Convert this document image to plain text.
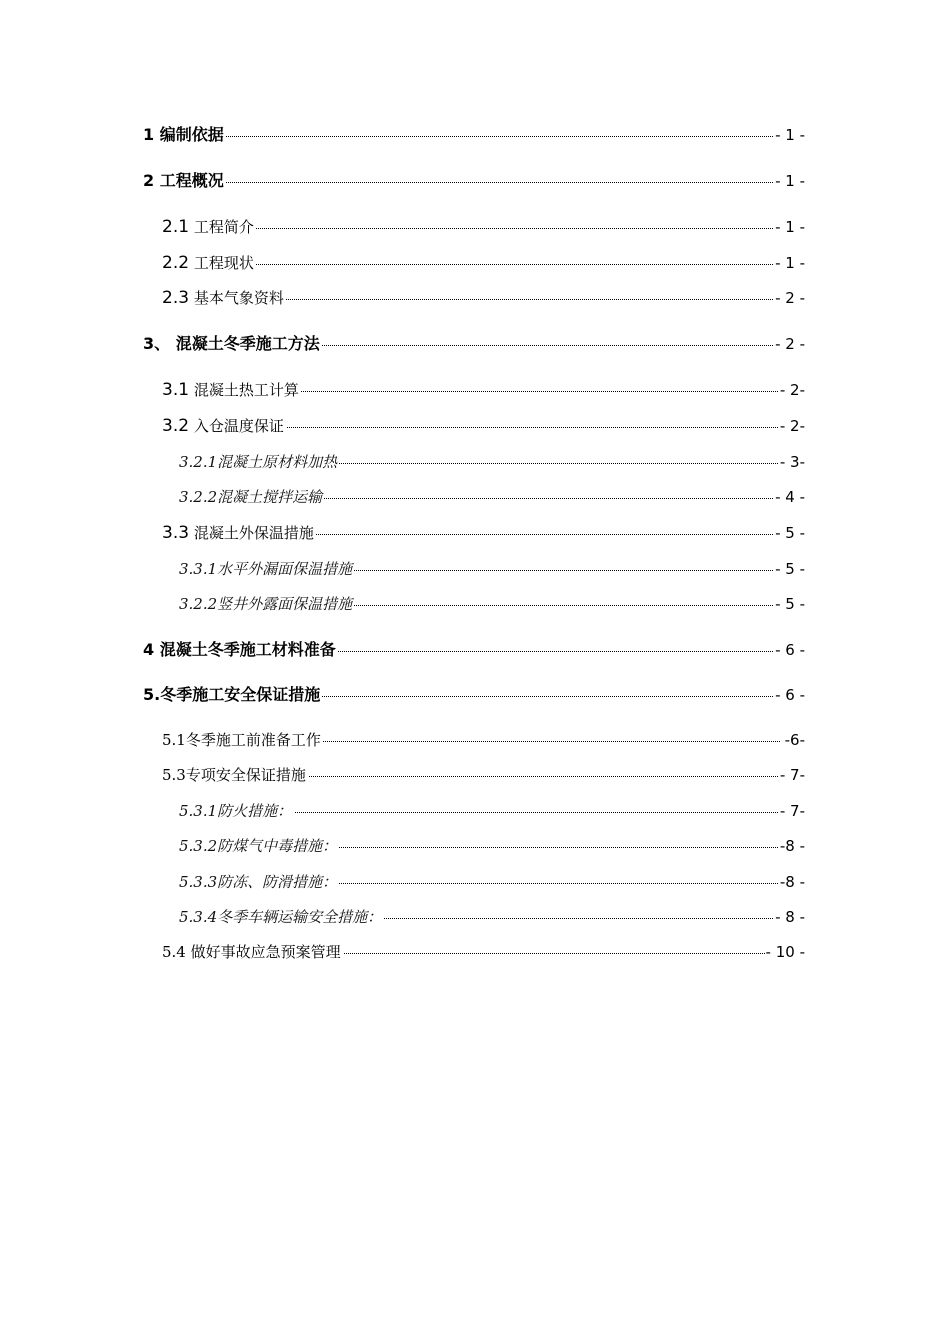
1 编制依据	- 1 -
2 工程概况	- 1 -
2.1 工程简介	- 1 -
2.2 工程现状	- 1 -
2.3 基本气象资料	- 2 -
3、 混凝土冬季施工方法	- 2 -
3.1 混凝土热工计算	- 2-
3.2 入仓温度保证	- 2-
3.2.1混凝土原材料加热	- 3-
3.2.2混凝土搅拌运输	- 4 -
3.3 混凝土外保温措施	- 5 -
3.3.1水平外漏面保温措施	- 5 -
3.2.2竖井外露面保温措施	- 5 -
4 混凝土冬季施工材料准备	- 6 -
5.冬季施工安全保证措施	- 6 -
5.1冬季施工前准备工作	-6-
5.3专项安全保证措施	- 7-
5.3.1防火措施：	- 7-
5.3.2防煤气中毒措施：	-8 -
5.3.3防冻、防滑措施：	-8 -
5.3.4冬季车辆运输安全措施：	- 8 -
5.4 做好事故应急预案管理	- 10 -
